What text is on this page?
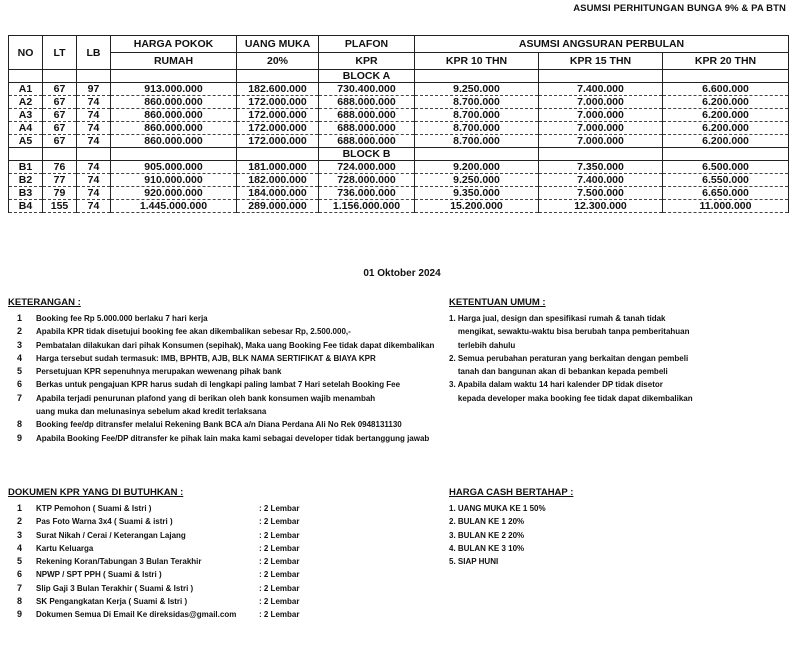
ASUMSI PERHITUNGAN BUNGA 9% & PA BTN
NO	LT	LB	HARGA POKOK	UANG MUKA	PLAFON	ASUMSI ANGSURAN PERBULAN		
			RUMAH	20%	KPR	KPR 10 THN	KPR 15 THN	KPR 20 THN
					BLOCK A			
A1	67	97	913.000.000	182.600.000	730.400.000	9.250.000	7.400.000	6.600.000
A2	67	74	860.000.000	172.000.000	688.000.000	8.700.000	7.000.000	6.200.000
A3	67	74	860.000.000	172.000.000	688.000.000	8.700.000	7.000.000	6.200.000
A4	67	74	860.000.000	172.000.000	688.000.000	8.700.000	7.000.000	6.200.000
A5	67	74	860.000.000	172.000.000	688.000.000	8.700.000	7.000.000	6.200.000
					BLOCK B			
B1	76	74	905.000.000	181.000.000	724.000.000	9.200.000	7.350.000	6.500.000
B2	77	74	910.000.000	182.000.000	728.000.000	9.250.000	7.400.000	6.550.000
B3	79	74	920.000.000	184.000.000	736.000.000	9.350.000	7.500.000	6.650.000
B4	155	74	1.445.000.000	289.000.000	1.156.000.000	15.200.000	12.300.000	11.000.000
01 Oktober 2024
KETERANGAN :
1 Booking fee Rp 5.000.000 berlaku 7 hari kerja
2 Apabila KPR tidak disetujui booking fee akan dikembalikan sebesar Rp, 2.500.000,-
3 Pembatalan dilakukan dari pihak Konsumen (sepihak), Maka uang Booking Fee tidak dapat dikembalikan
4 Harga tersebut sudah termasuk: IMB, BPHTB, AJB, BLK NAMA SERTIFIKAT & BIAYA KPR
5 Persetujuan KPR sepenuhnya merupakan wewenang pihak bank
6 Berkas untuk pengajuan KPR harus sudah di lengkapi paling lambat 7 Hari setelah Booking Fee
7 Apabila terjadi penurunan plafond yang di berikan oleh bank konsumen wajib menambah
uang muka dan melunasinya sebelum akad kredit terlaksana
8 Booking fee/dp ditransfer melalui Rekening Bank BCA a/n Diana Perdana Ali No Rek 0948131130
9 Apabila Booking Fee/DP ditransfer ke pihak lain maka kami sebagai developer tidak bertanggung jawab
KETENTUAN UMUM :
1. Harga jual, design dan spesifikasi rumah & tanah tidak
mengikat, sewaktu-waktu bisa berubah tanpa pemberitahuan
terlebih dahulu
2. Semua perubahan peraturan yang berkaitan dengan pembeli
tanah dan bangunan akan di bebankan kepada pembeli
3. Apabila dalam waktu 14 hari kalender DP tidak disetor
kepada developer maka booking fee tidak dapat dikembalikan
DOKUMEN KPR YANG DI BUTUHKAN :
1 KTP Pemohon ( Suami & Istri )	: 2 Lembar
2 Pas Foto Warna 3x4 ( Suami & istri )	: 2 Lembar
3 Surat Nikah / Cerai / Keterangan Lajang	: 2 Lembar
4 Kartu Keluarga	: 2 Lembar
5 Rekening Koran/Tabungan 3 Bulan Terakhir	: 2 Lembar
6 NPWP / SPT PPH ( Suami & Istri )	: 2 Lembar
7 Slip Gaji 3 Bulan Terakhir ( Suami & Istri )	: 2 Lembar
8 SK Pengangkatan Kerja ( Suami & Istri )	: 2 Lembar
9 Dokumen Semua Di Email Ke direksidas@gmail.com	: 2 Lembar
HARGA CASH BERTAHAP :
1. UANG MUKA KE 1 50%
2. BULAN KE 1 20%
3. BULAN KE 2 20%
4. BULAN KE 3 10%
5. SIAP HUNI
